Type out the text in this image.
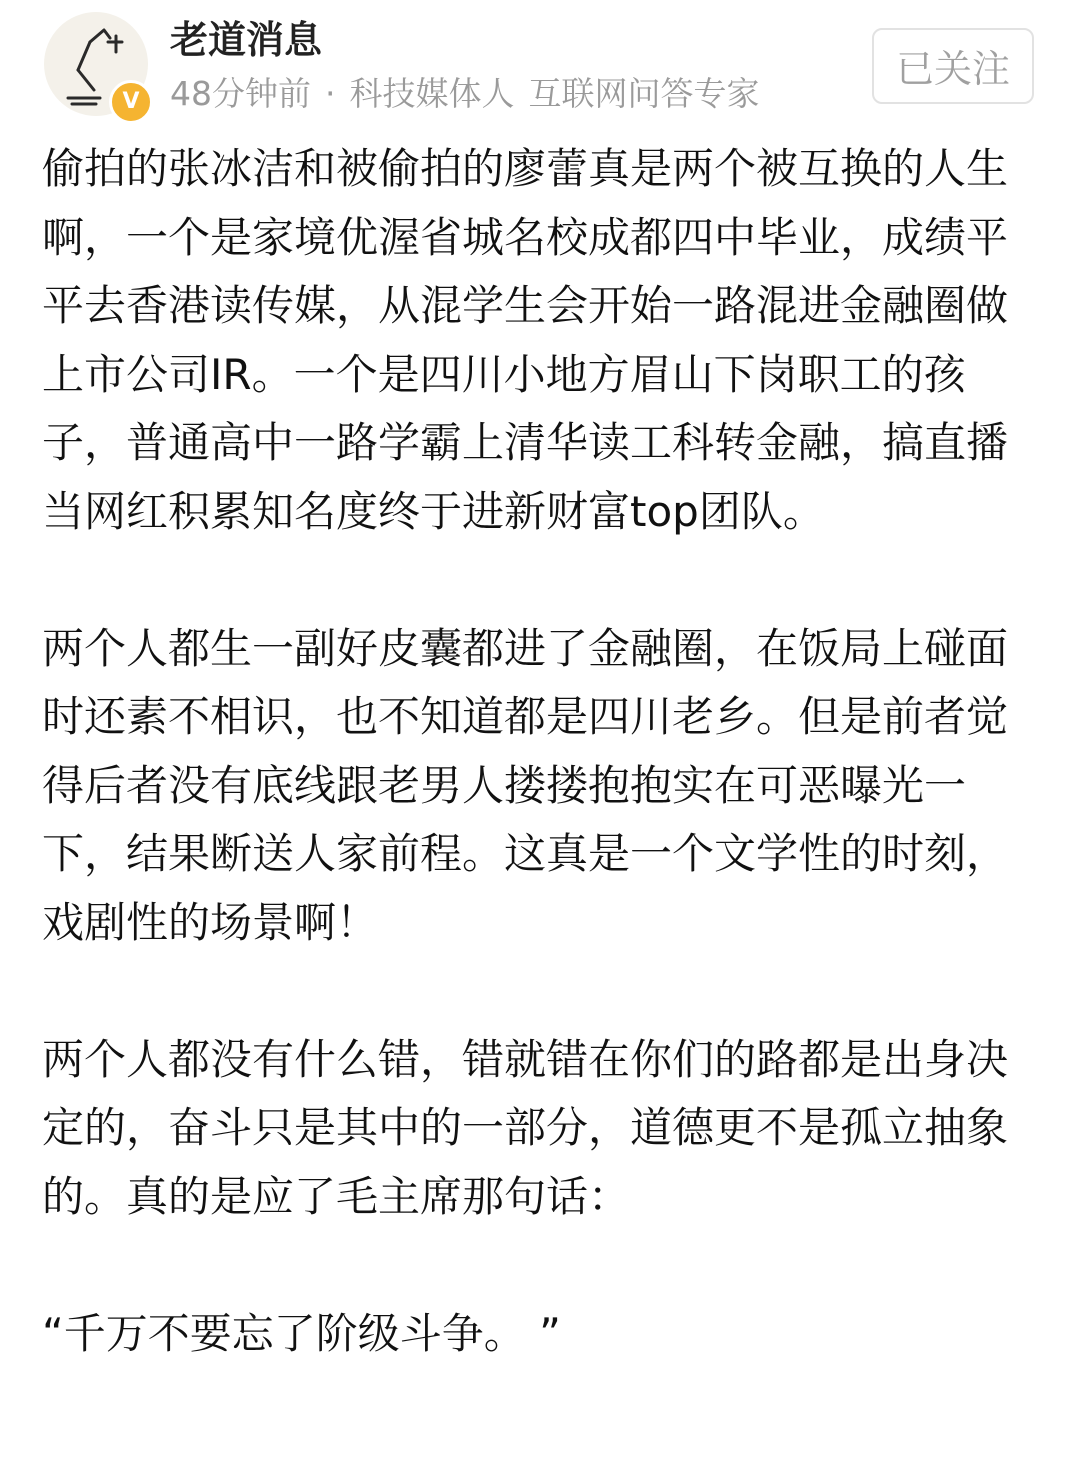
V
老道消息
48分钟前 · 科技媒体人 互联网问答专家
已关注

偷拍的张冰洁和被偷拍的廖蕾真是两个被互换的人生啊，一个是家境优渥省城名校成都四中毕业，成绩平平去香港读传媒，从混学生会开始一路混进金融圈做上市公司IR。一个是四川小地方眉山下岗职工的孩子，普通高中一路学霸上清华读工科转金融，搞直播当网红积累知名度终于进新财富top团队。

两个人都生一副好皮囊都进了金融圈，在饭局上碰面时还素不相识，也不知道都是四川老乡。但是前者觉得后者没有底线跟老男人搂搂抱抱实在可恶曝光一下，结果断送人家前程。这真是一个文学性的时刻，戏剧性的场景啊！

两个人都没有什么错，错就错在你们的路都是出身决定的，奋斗只是其中的一部分，道德更不是孤立抽象的。真的是应了毛主席那句话：

“千万不要忘了阶级斗争。 ”
